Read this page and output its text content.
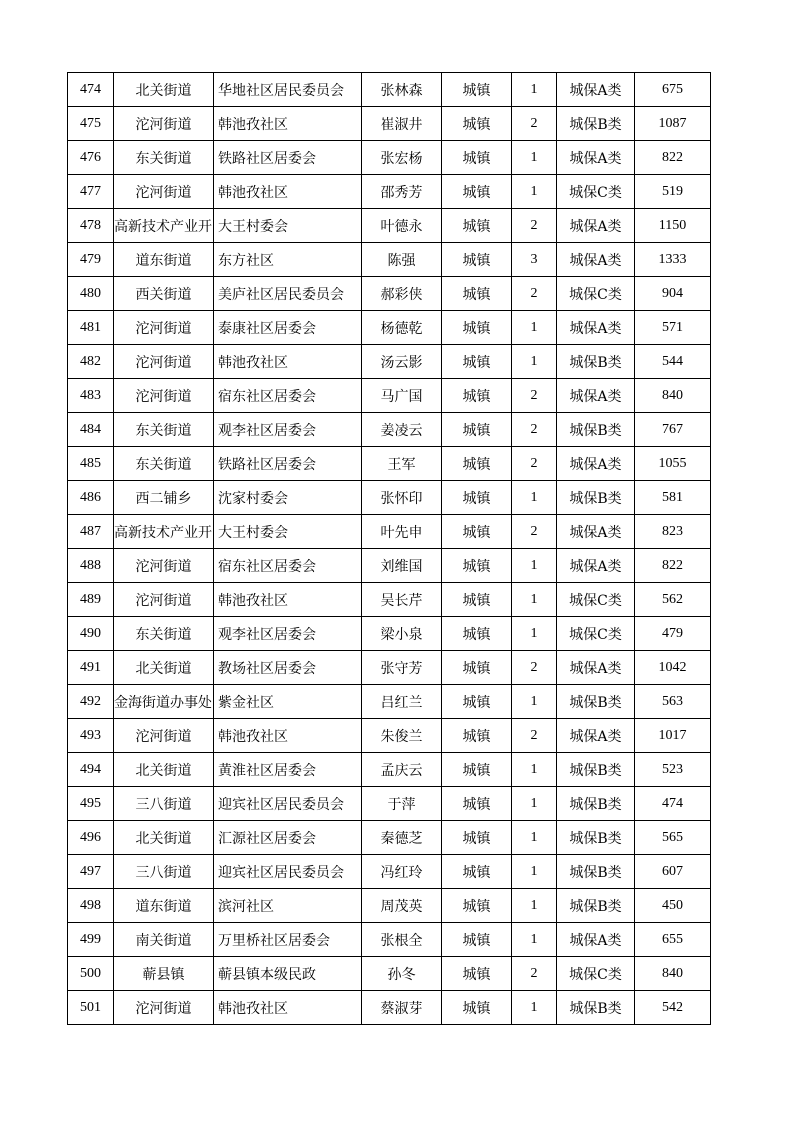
474	北关街道	华地社区居民委员会	张林森	城镇	1	城保A类	675
475	沱河街道	韩池孜社区	崔淑井	城镇	2	城保B类	1087
476	东关街道	铁路社区居委会	张宏杨	城镇	1	城保A类	822
477	沱河街道	韩池孜社区	邵秀芳	城镇	1	城保C类	519
478	高新技术产业开	大王村委会	叶德永	城镇	2	城保A类	1150
479	道东街道	东方社区	陈强	城镇	3	城保A类	1333
480	西关街道	美庐社区居民委员会	郝彩侠	城镇	2	城保C类	904
481	沱河街道	泰康社区居委会	杨德乾	城镇	1	城保A类	571
482	沱河街道	韩池孜社区	汤云影	城镇	1	城保B类	544
483	沱河街道	宿东社区居委会	马广国	城镇	2	城保A类	840
484	东关街道	观李社区居委会	姜凌云	城镇	2	城保B类	767
485	东关街道	铁路社区居委会	王军	城镇	2	城保A类	1055
486	西二铺乡	沈家村委会	张怀印	城镇	1	城保B类	581
487	高新技术产业开	大王村委会	叶先申	城镇	2	城保A类	823
488	沱河街道	宿东社区居委会	刘维国	城镇	1	城保A类	822
489	沱河街道	韩池孜社区	吴长芹	城镇	1	城保C类	562
490	东关街道	观李社区居委会	梁小泉	城镇	1	城保C类	479
491	北关街道	教场社区居委会	张守芳	城镇	2	城保A类	1042
492	金海街道办事处	紫金社区	吕红兰	城镇	1	城保B类	563
493	沱河街道	韩池孜社区	朱俊兰	城镇	2	城保A类	1017
494	北关街道	黄淮社区居委会	孟庆云	城镇	1	城保B类	523
495	三八街道	迎宾社区居民委员会	于萍	城镇	1	城保B类	474
496	北关街道	汇源社区居委会	秦德芝	城镇	1	城保B类	565
497	三八街道	迎宾社区居民委员会	冯红玲	城镇	1	城保B类	607
498	道东街道	滨河社区	周茂英	城镇	1	城保B类	450
499	南关街道	万里桥社区居委会	张根全	城镇	1	城保A类	655
500	蕲县镇	蕲县镇本级民政	孙冬	城镇	2	城保C类	840
501	沱河街道	韩池孜社区	蔡淑芽	城镇	1	城保B类	542
